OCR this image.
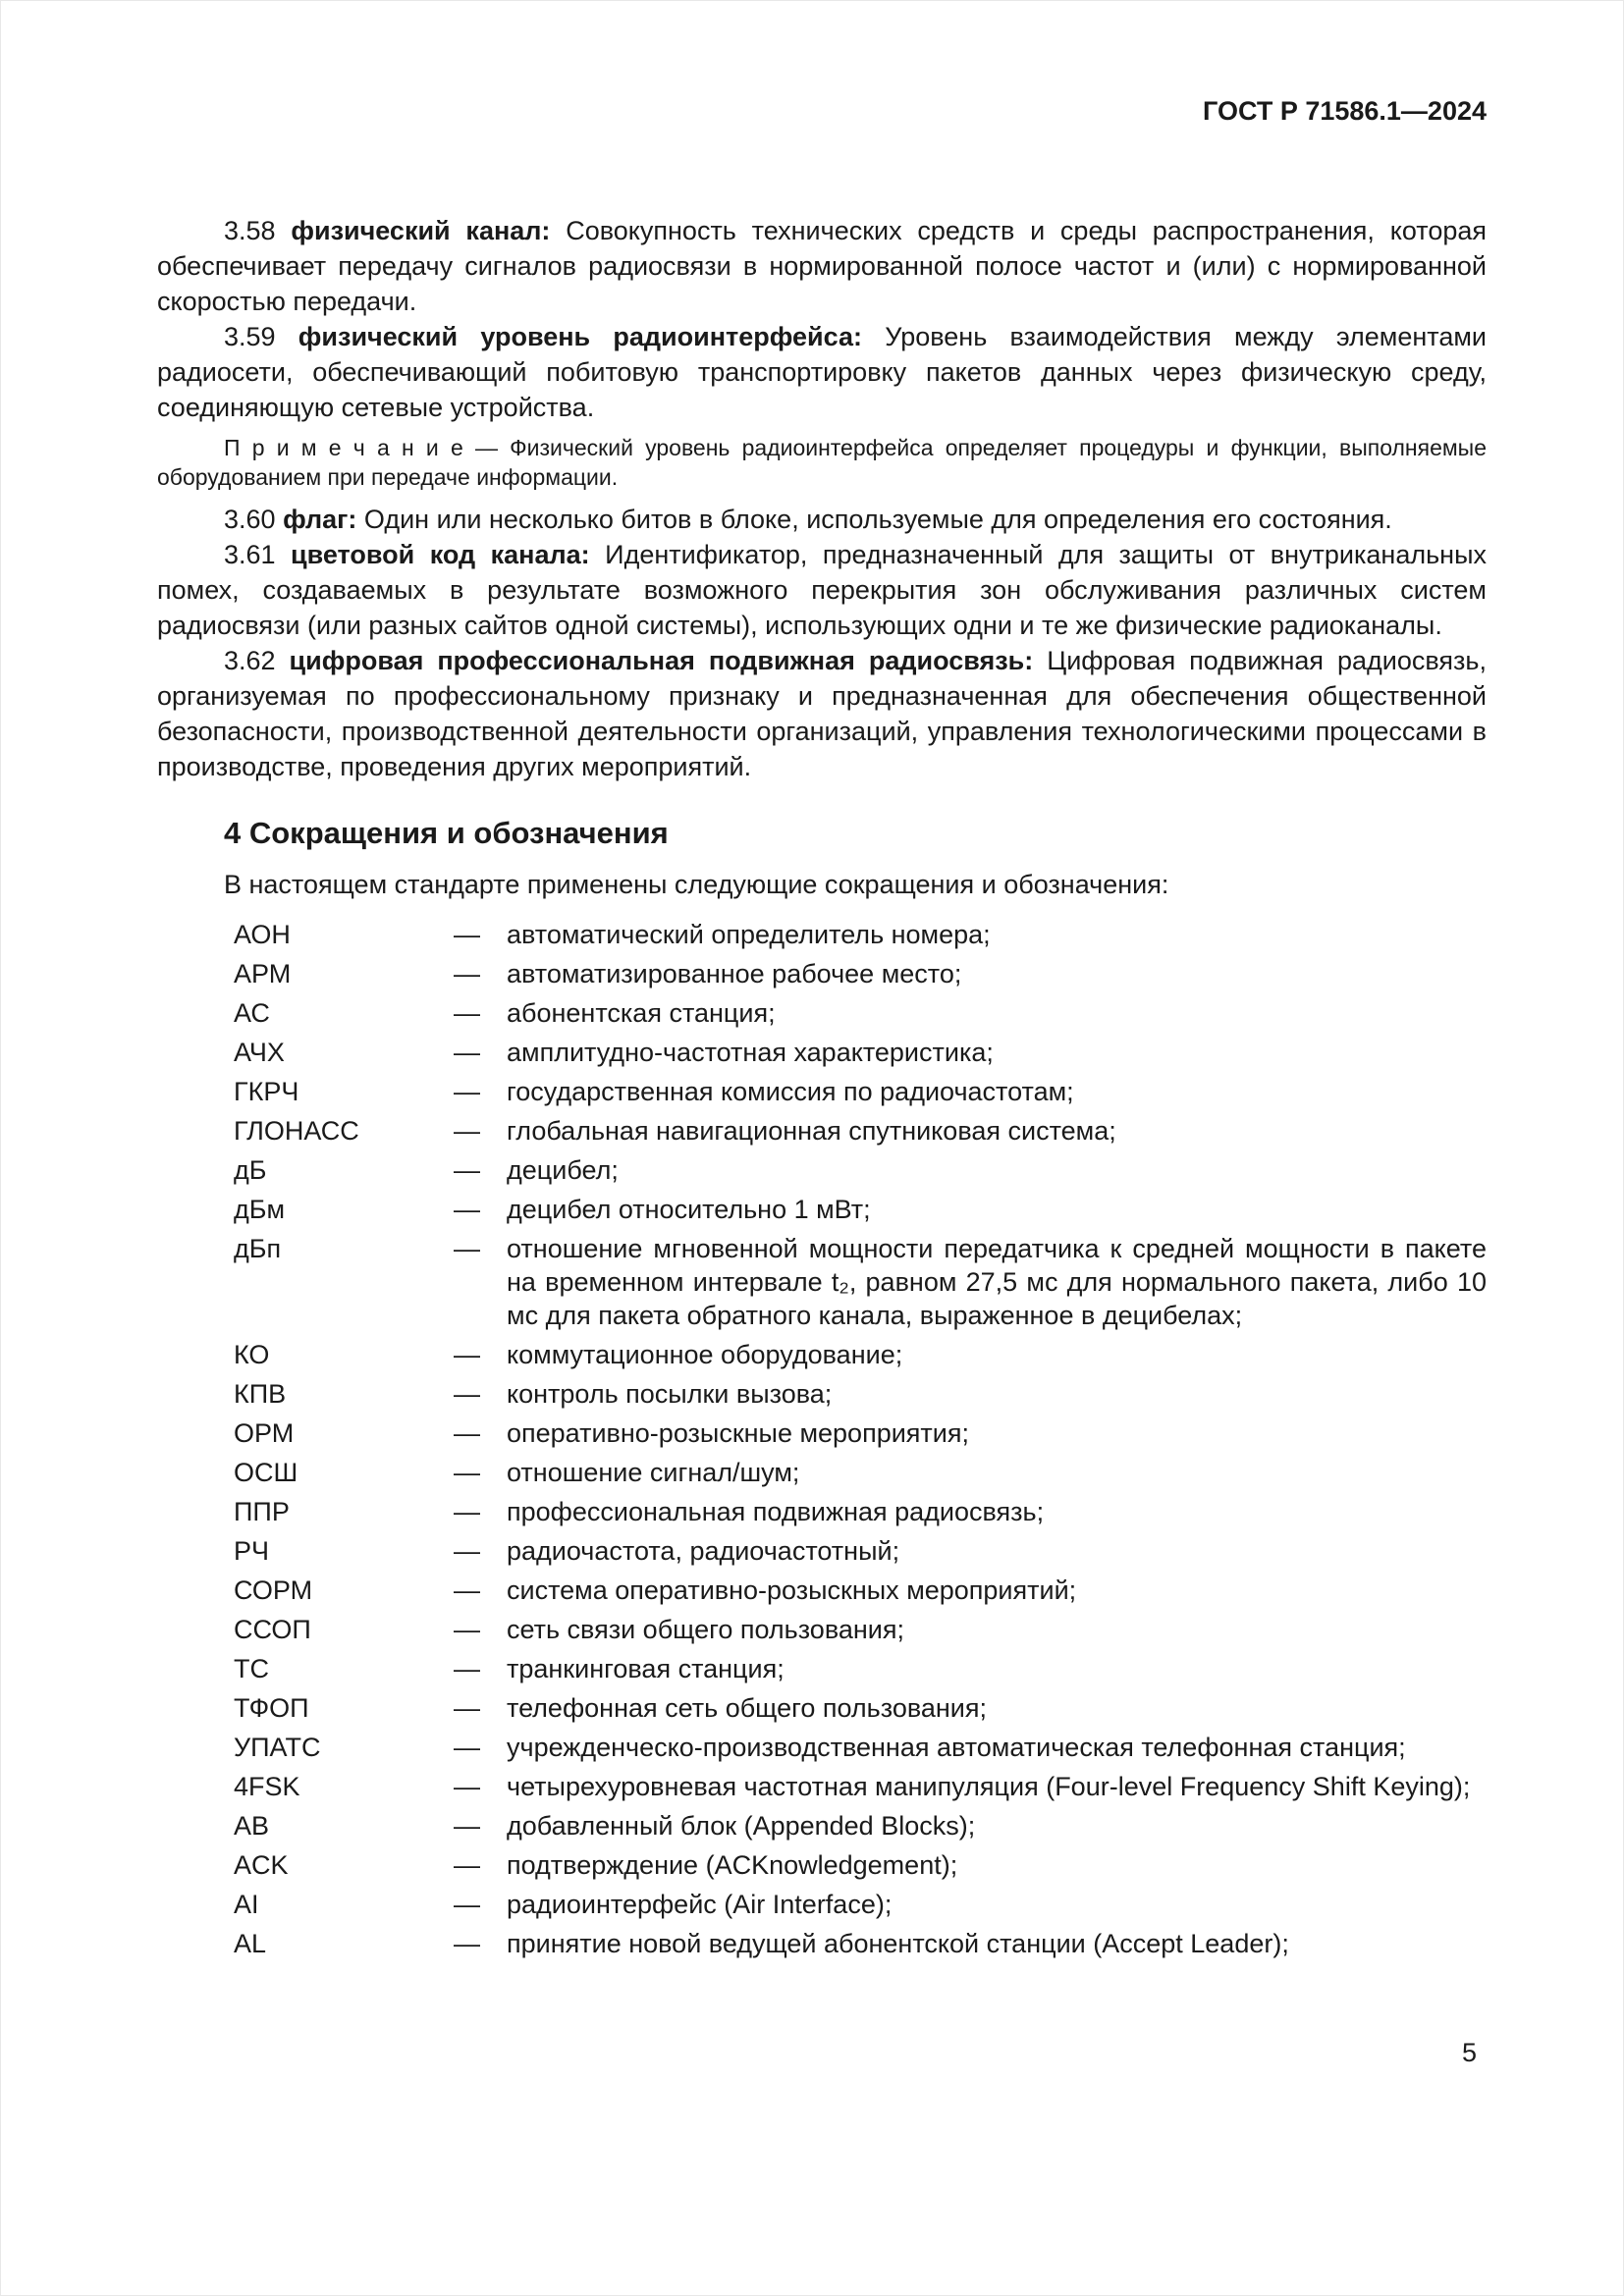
ГОСТ Р 71586.1—2024

3.58 физический канал: Совокупность технических средств и среды распространения, которая обеспечивает передачу сигналов радиосвязи в нормированной полосе частот и (или) с нормированной скоростью передачи.

3.59 физический уровень радиоинтерфейса: Уровень взаимодействия между элементами радиосети, обеспечивающий побитовую транспортировку пакетов данных через физическую среду, соединяющую сетевые устройства.

П р и м е ч а н и е — Физический уровень радиоинтерфейса определяет процедуры и функции, выполняемые оборудованием при передаче информации.

3.60 флаг: Один или несколько битов в блоке, используемые для определения его состояния.

3.61 цветовой код канала: Идентификатор, предназначенный для защиты от внутриканальных помех, создаваемых в результате возможного перекрытия зон обслуживания различных систем радиосвязи (или разных сайтов одной системы), использующих одни и те же физические радиоканалы.

3.62 цифровая профессиональная подвижная радиосвязь: Цифровая подвижная радиосвязь, организуемая по профессиональному признаку и предназначенная для обеспечения общественной безопасности, производственной деятельности организаций, управления технологическими процессами в производстве, проведения других мероприятий.

4 Сокращения и обозначения

В настоящем стандарте применены следующие сокращения и обозначения:

АОН	—	автоматический определитель номера;
АРМ	—	автоматизированное рабочее место;
АС	—	абонентская станция;
АЧХ	—	амплитудно-частотная характеристика;
ГКРЧ	—	государственная комиссия по радиочастотам;
ГЛОНАСС	—	глобальная навигационная спутниковая система;
дБ	—	децибел;
дБм	—	децибел относительно 1 мВт;
дБп	—	отношение мгновенной мощности передатчика к средней мощности в пакете на временном интервале t₂, равном 27,5 мс для нормального пакета, либо 10 мс для пакета обратного канала, выраженное в децибелах;
КО	—	коммутационное оборудование;
КПВ	—	контроль посылки вызова;
ОРМ	—	оперативно-розыскные мероприятия;
ОСШ	—	отношение сигнал/шум;
ППР	—	профессиональная подвижная радиосвязь;
РЧ	—	радиочастота, радиочастотный;
СОРМ	—	система оперативно-розыскных мероприятий;
ССОП	—	сеть связи общего пользования;
ТС	—	транкинговая станция;
ТФОП	—	телефонная сеть общего пользования;
УПАТС	—	учрежденческо-производственная автоматическая телефонная станция;
4FSK	—	четырехуровневая частотная манипуляция (Four-level Frequency Shift Keying);
AB	—	добавленный блок (Appended Blocks);
ACK	—	подтверждение (ACKnowledgement);
AI	—	радиоинтерфейс (Air Interface);
AL	—	принятие новой ведущей абонентской станции (Accept Leader);
5
